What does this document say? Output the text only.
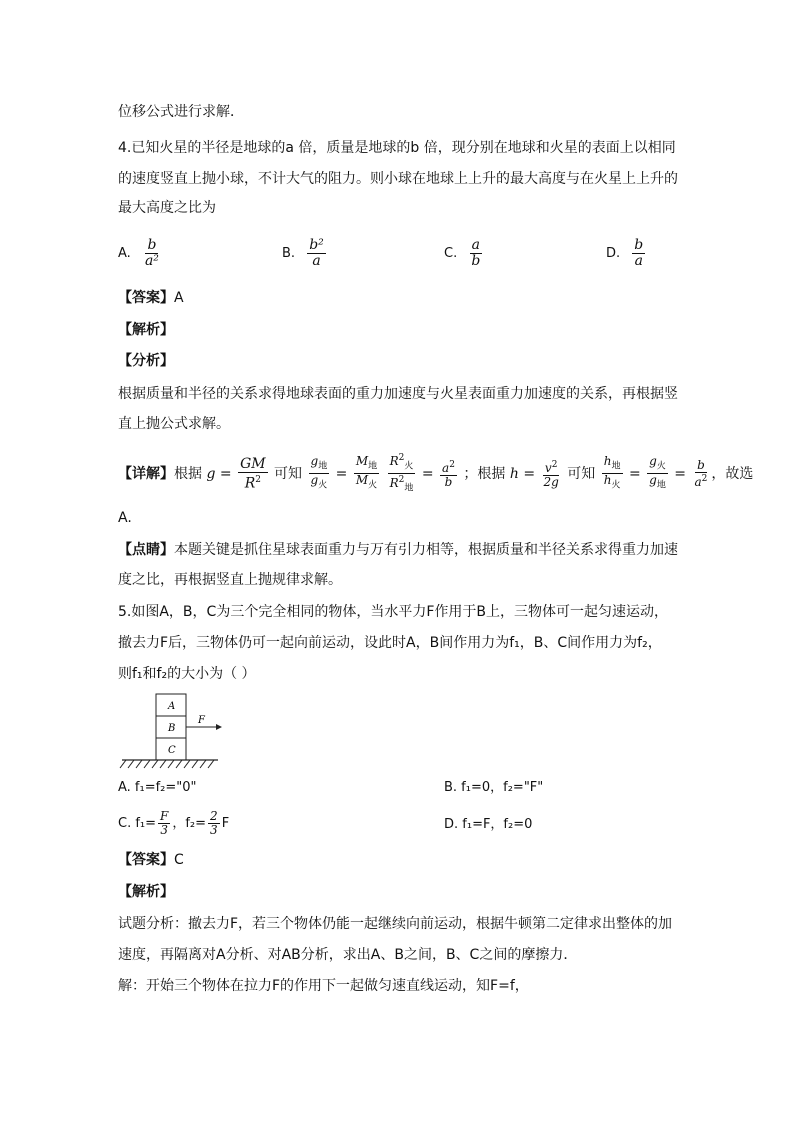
位移公式进行求解．
4.已知火星的半径是地球的a 倍，质量是地球的b 倍，现分别在地球和火星的表面上以相同
的速度竖直上抛小球，不计大气的阻力。则小球在地球上上升的最大高度与在火星上上升的
最大高度之比为
A. $\frac{b}{\text{a²}}$	B. $\frac{\text{b²}}{a}$	C. $\frac{a}{b}$	D. $\frac{b}{a}$
【答案】A
【解析】
【分析】
根据质量和半径的关系求得地球表面的重力加速度与火星表面重力加速度的关系，再根据竖
直上抛公式求解。
【详解】根据 $g = \frac{GM}{R^2}$ 可知 $\frac{g_地}{g_火} = \frac{M_地}{M_火}$
$\frac{R^2_火}{R^2_地} = \frac{a^2}{b}$ ；根据 $h = \frac{v^2}{2g}$ 可知 $\frac{h_地}{h_火} = \frac{g_火}{g_地} = \frac{b}{a^2}$ ，故选
A.
【点睛】本题关键是抓住星球表面重力与万有引力相等，根据质量和半径关系求得重力加速
度之比，再根据竖直上抛规律求解。
5.如图A，B，C为三个完全相同的物体，当水平力F作用于B上，三物体可一起匀速运动，
撤去力F后，三物体仍可一起向前运动，设此时A，B间作用力为f₁，B、C间作用力为f₂，
则f₁和f₂的大小为（ ）
A
B
C
F
A. f₁=f₂="0"	B. f₁=0，f₂="F"
C. $f_1= \frac{F}{3}$ ，$f_2= \frac{2}{3}$ F	D. f₁=F，f₂=0
【答案】C
【解析】
试题分析：撤去力F，若三个物体仍能一起继续向前运动，根据牛顿第二定律求出整体的加
速度，再隔离对A分析、对AB分析，求出A、B之间，B、C之间的摩擦力．
解：开始三个物体在拉力F的作用下一起做匀速直线运动，知F=f，
